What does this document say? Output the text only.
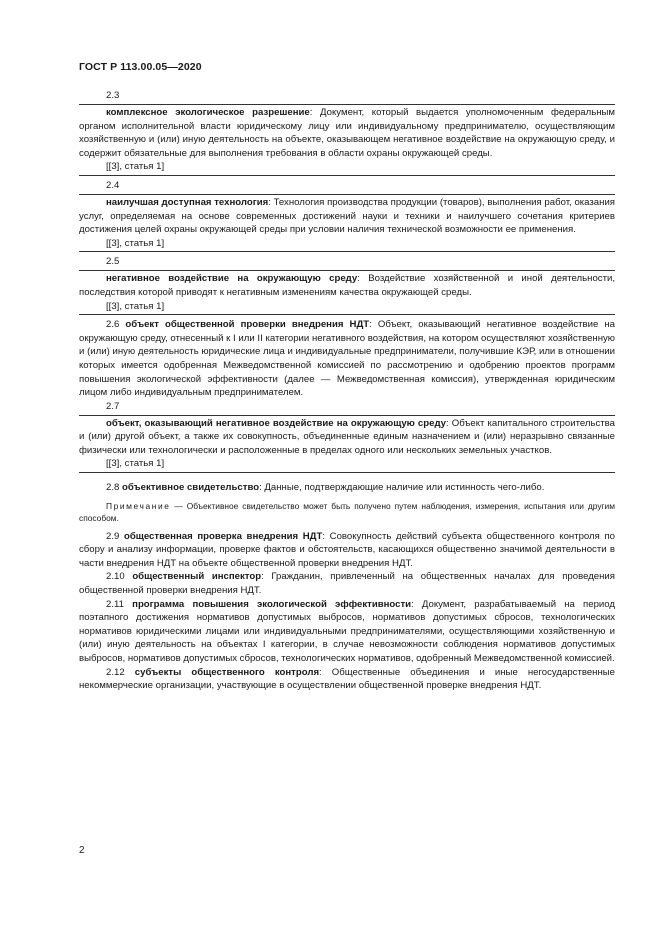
ГОСТ Р 113.00.05—2020
2.3
комплексное экологическое разрешение: Документ, который выдается уполномоченным федеральным органом исполнительной власти юридическому лицу или индивидуальному предпринимателю, осуществляющим хозяйственную и (или) иную деятельность на объекте, оказывающем негативное воздействие на окружающую среду, и содержит обязательные для выполнения требования в области охраны окружающей среды.
[[3], статья 1]
2.4
наилучшая доступная технология: Технология производства продукции (товаров), выполнения работ, оказания услуг, определяемая на основе современных достижений науки и техники и наилучшего сочетания критериев достижения целей охраны окружающей среды при условии наличия технической возможности ее применения.
[[3], статья 1]
2.5
негативное воздействие на окружающую среду: Воздействие хозяйственной и иной деятельности, последствия которой приводят к негативным изменениям качества окружающей среды.
[[3], статья 1]

2.6 объект общественной проверки внедрения НДТ: Объект, оказывающий негативное воздействие на окружающую среду, отнесенный к I или II категории негативного воздействия, на котором осуществляют хозяйственную и (или) иную деятельность юридические лица и индивидуальные предприниматели, получившие КЭР, или в отношении которых имеется одобренная Межведомственной комиссией по рассмотрению и одобрению проектов программ повышения экологической эффективности (далее — Межведомственная комиссия), утвержденная юридическим лицом либо индивидуальным предпринимателем.

2.7
объект, оказывающий негативное воздействие на окружающую среду: Объект капитального строительства и (или) другой объект, а также их совокупность, объединенные единым назначением и (или) неразрывно связанные физически или технологически и расположенные в пределах одного или нескольких земельных участков.
[[3], статья 1]

2.8 объективное свидетельство: Данные, подтверждающие наличие или истинность чего-либо.

Примечание — Объективное свидетельство может быть получено путем наблюдения, измерения, испытания или другим способом.

2.9 общественная проверка внедрения НДТ: Совокупность действий субъекта общественного контроля по сбору и анализу информации, проверке фактов и обстоятельств, касающихся общественно значимой деятельности в части внедрения НДТ на объекте общественной проверки внедрения НДТ.

2.10 общественный инспектор: Гражданин, привлеченный на общественных началах для проведения общественной проверки внедрения НДТ.

2.11 программа повышения экологической эффективности: Документ, разрабатываемый на период поэтапного достижения нормативов допустимых выбросов, нормативов допустимых сбросов, технологических нормативов юридическими лицами или индивидуальными предпринимателями, осуществляющими хозяйственную и (или) иную деятельность на объектах I категории, в случае невозможности соблюдения нормативов допустимых выбросов, нормативов допустимых сбросов, технологических нормативов, одобренный Межведомственной комиссией.

2.12 субъекты общественного контроля: Общественные объединения и иные негосударственные некоммерческие организации, участвующие в осуществлении общественной проверке внедрения НДТ.

2
